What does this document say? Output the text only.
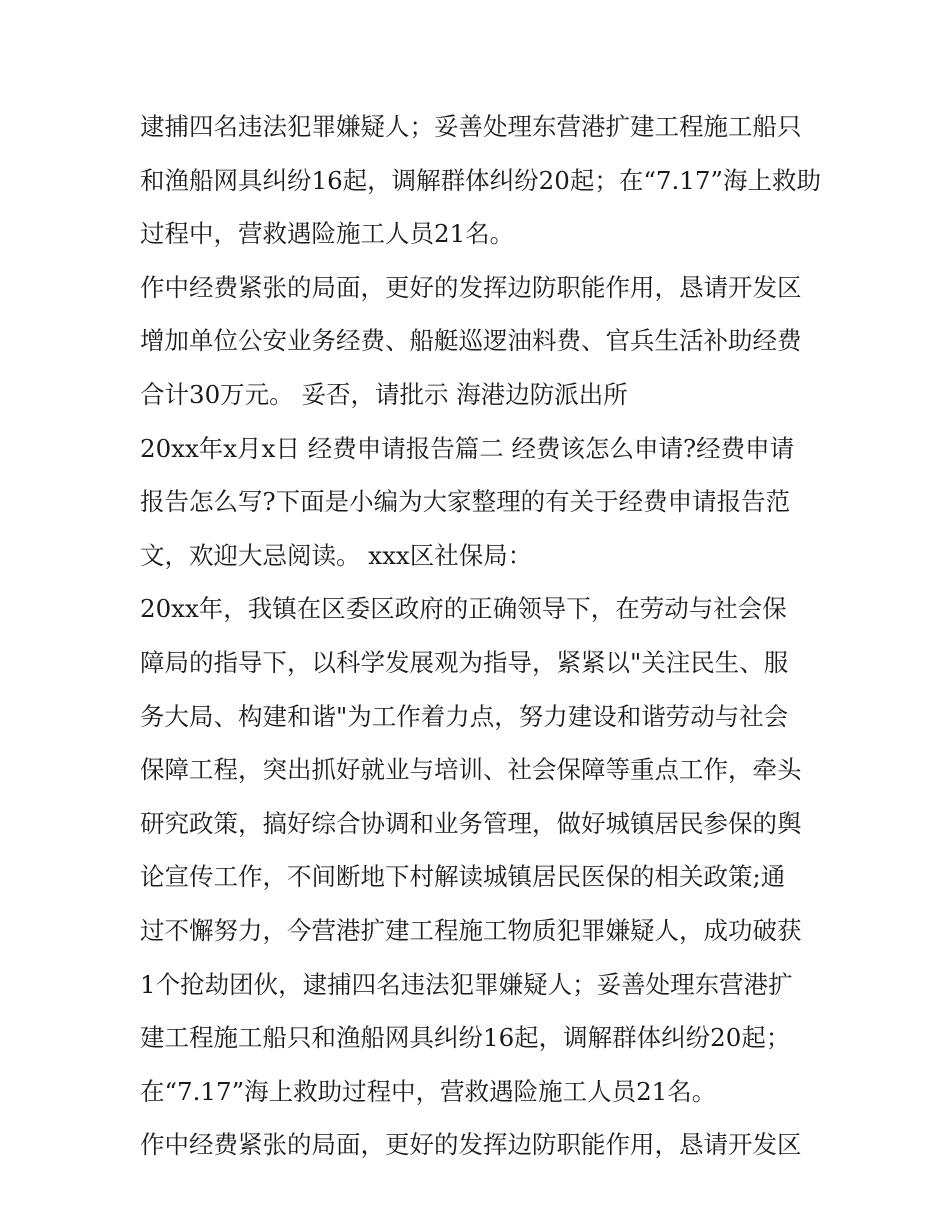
逮捕四名违法犯罪嫌疑人；妥善处理东营港扩建工程施工船只
和渔船网具纠纷16起，调解群体纠纷20起；在“7.17”海上救助
过程中，营救遇险施工人员21名。
作中经费紧张的局面，更好的发挥边防职能作用，恳请开发区
增加单位公安业务经费、船艇巡逻油料费、官兵生活补助经费
合计30万元。 妥否，请批示 海港边防派出所
20xx年x月x日 经费申请报告篇二 经费该怎么申请?经费申请
报告怎么写?下面是小编为大家整理的有关于经费申请报告范
文，欢迎大忌阅读。 xxx区社保局：
20xx年，我镇在区委区政府的正确领导下，在劳动与社会保
障局的指导下，以科学发展观为指导，紧紧以"关注民生、服
务大局、构建和谐"为工作着力点，努力建设和谐劳动与社会
保障工程，突出抓好就业与培训、社会保障等重点工作，牵头
研究政策，搞好综合协调和业务管理，做好城镇居民参保的舆
论宣传工作，不间断地下村解读城镇居民医保的相关政策;通
过不懈努力，今营港扩建工程施工物质犯罪嫌疑人，成功破获
1个抢劫团伙，逮捕四名违法犯罪嫌疑人；妥善处理东营港扩
建工程施工船只和渔船网具纠纷16起，调解群体纠纷20起；
在“7.17”海上救助过程中，营救遇险施工人员21名。
作中经费紧张的局面，更好的发挥边防职能作用，恳请开发区
